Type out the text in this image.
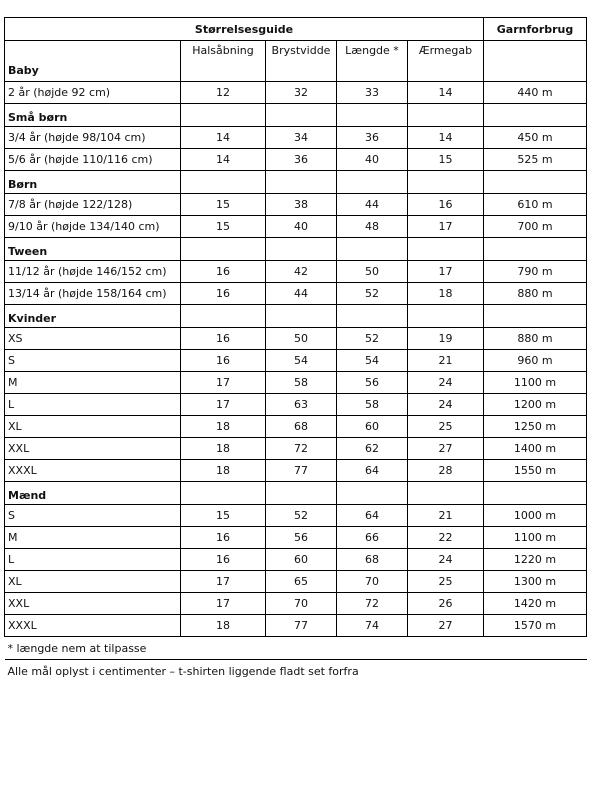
Størrelsesguide					Garnforbrug
Baby	Halsåbning	Brystvidde	Længde *	Ærmegab	
2 år (højde 92 cm)	12	32	33	14	440 m
Små børn					
3/4 år (højde 98/104 cm)	14	34	36	14	450 m
5/6 år (højde 110/116 cm)	14	36	40	15	525 m
Børn					
7/8 år (højde 122/128)	15	38	44	16	610 m
9/10 år (højde 134/140 cm)	15	40	48	17	700 m
Tween					
11/12 år (højde 146/152 cm)	16	42	50	17	790 m
13/14 år (højde 158/164 cm)	16	44	52	18	880 m
Kvinder					
XS	16	50	52	19	880 m
S	16	54	54	21	960 m
M	17	58	56	24	1100 m
L	17	63	58	24	1200 m
XL	18	68	60	25	1250 m
XXL	18	72	62	27	1400 m
XXXL	18	77	64	28	1550 m
Mænd					
S	15	52	64	21	1000 m
M	16	56	66	22	1100 m
L	16	60	68	24	1220 m
XL	17	65	70	25	1300 m
XXL	17	70	72	26	1420 m
XXXL	18	77	74	27	1570 m
* længde nem at tilpasse					
Alle mål oplyst i centimenter – t-shirten liggende fladt set forfra					
